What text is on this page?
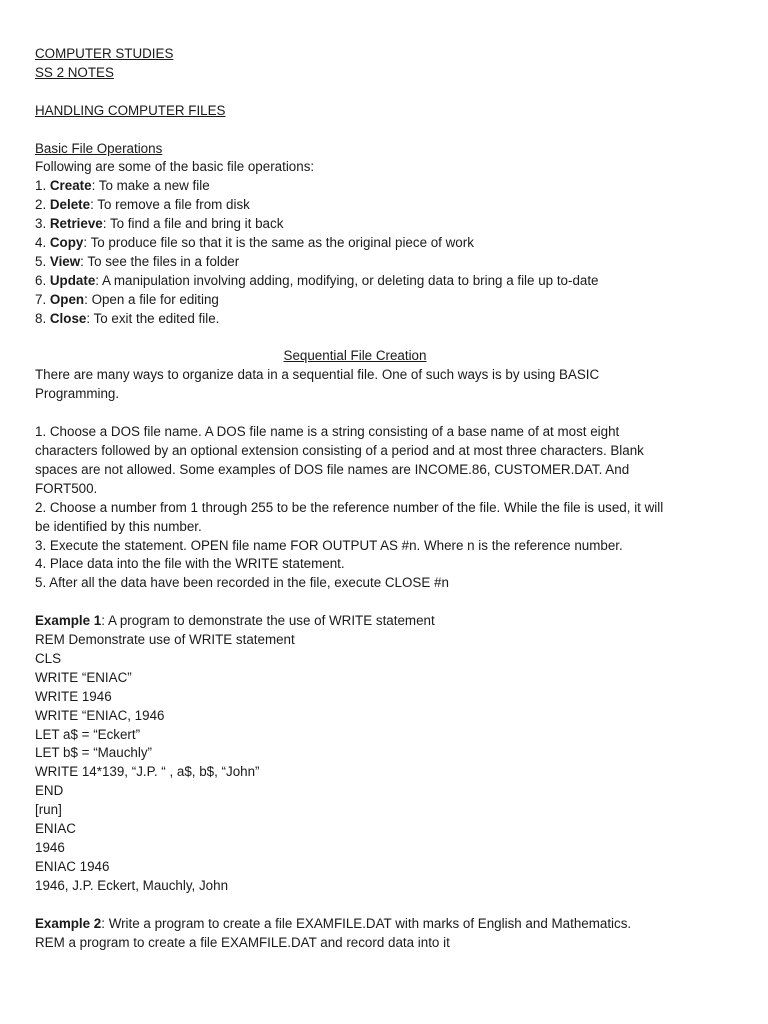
COMPUTER STUDIES
SS 2 NOTES
HANDLING COMPUTER FILES
Basic File Operations
Following are some of the basic file operations:
1. Create: To make a new file
2. Delete: To remove a file from disk
3. Retrieve: To find a file and bring it back
4. Copy: To produce file so that it is the same as the original piece of work
5. View: To see the files in a folder
6. Update: A manipulation involving adding, modifying, or deleting data to bring a file up to-date
7. Open: Open a file for editing
8. Close: To exit the edited file.
Sequential File Creation
There are many ways to organize data in a sequential file. One of such ways is by using BASIC Programming.
1. Choose a DOS file name. A DOS file name is a string consisting of a base name of at most eight characters followed by an optional extension consisting of a period and at most three characters. Blank spaces are not allowed. Some examples of DOS file names are INCOME.86, CUSTOMER.DAT. And FORT500.
2. Choose a number from 1 through 255 to be the reference number of the file. While the file is used, it will be identified by this number.
3. Execute the statement. OPEN file name FOR OUTPUT AS #n. Where n is the reference number.
4. Place data into the file with the WRITE statement.
5. After all the data have been recorded in the file, execute CLOSE #n
Example 1: A program to demonstrate the use of WRITE statement
REM Demonstrate use of WRITE statement
CLS
WRITE “ENIAC”
WRITE 1946
WRITE “ENIAC, 1946
LET a$ = “Eckert”
LET b$ = “Mauchly”
WRITE 14*139, “J.P. “ , a$, b$, “John”
END
[run]
ENIAC
1946
ENIAC 1946
1946, J.P. Eckert, Mauchly, John
Example 2: Write a program to create a file EXAMFILE.DAT with marks of English and Mathematics.
REM a program to create a file EXAMFILE.DAT and record data into it
